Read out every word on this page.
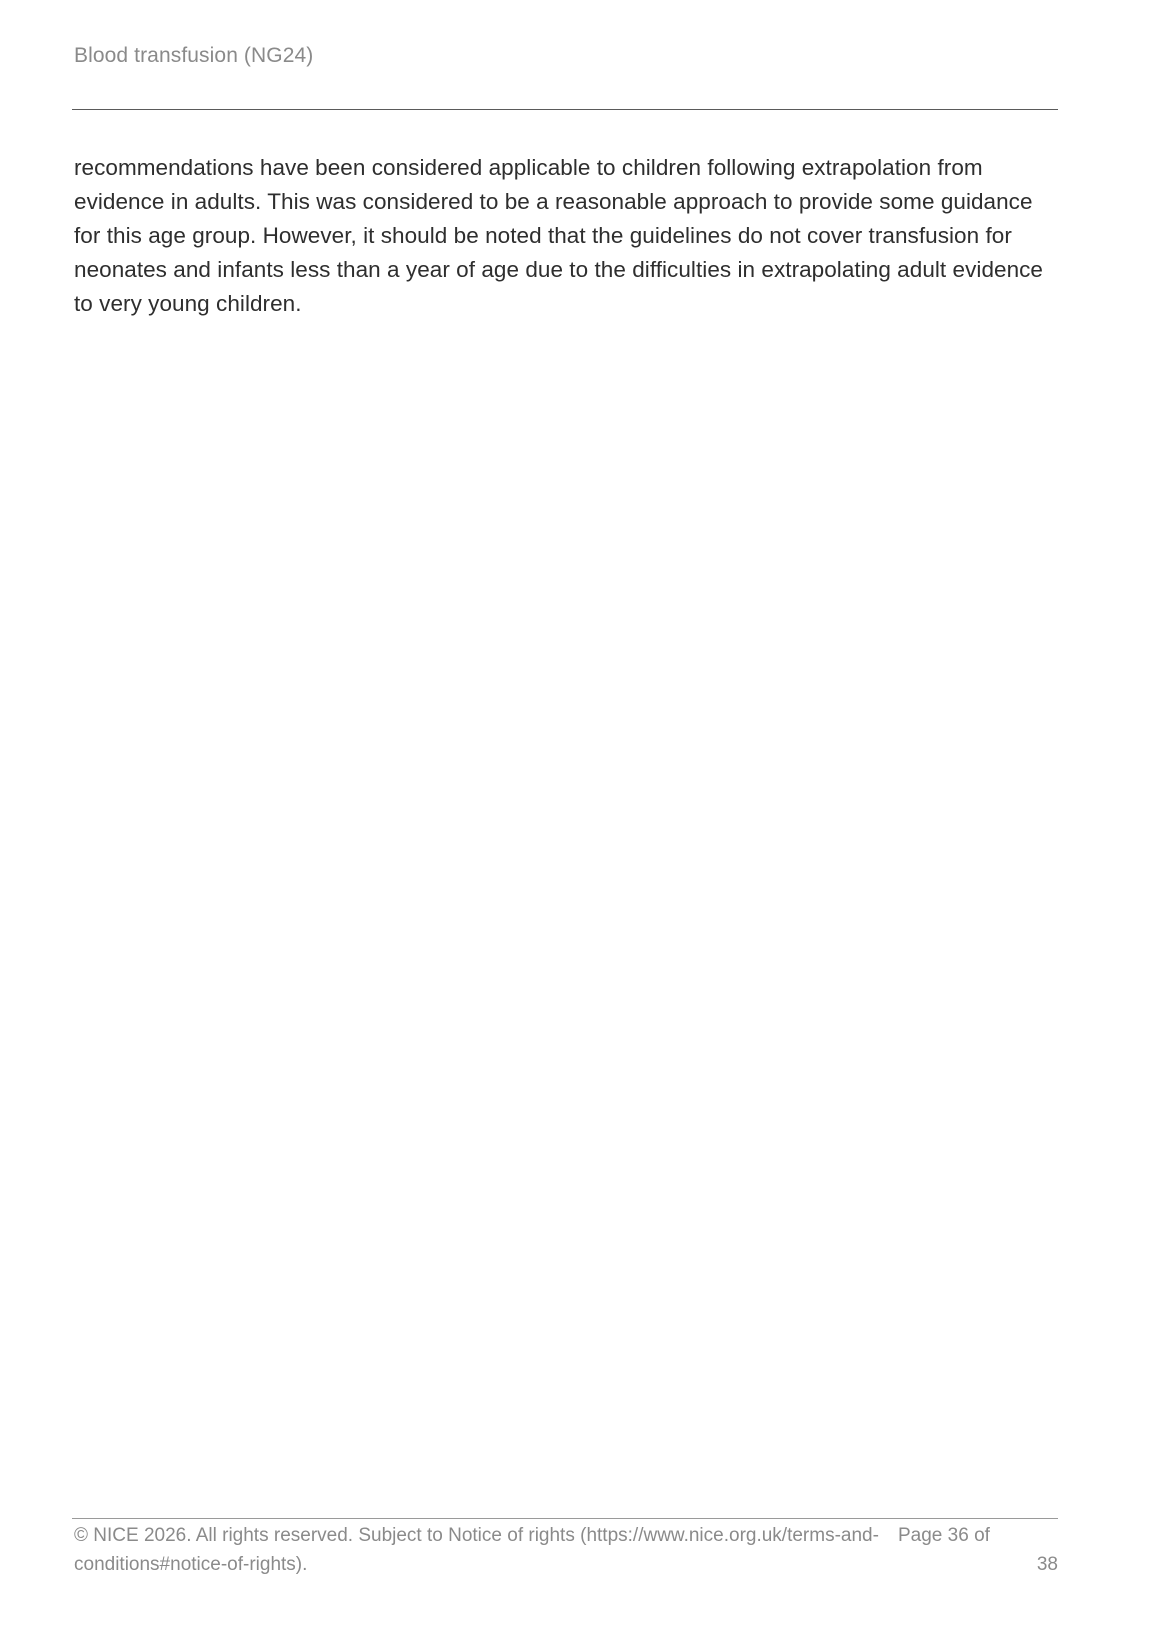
Blood transfusion (NG24)

recommendations have been considered applicable to children following extrapolation from evidence in adults. This was considered to be a reasonable approach to provide some guidance for this age group. However, it should be noted that the guidelines do not cover transfusion for neonates and infants less than a year of age due to the difficulties in extrapolating adult evidence to very young children.

© NICE 2026. All rights reserved. Subject to Notice of rights (https://www.nice.org.uk/terms-and-conditions#notice-of-rights).
Page 36 of
38
